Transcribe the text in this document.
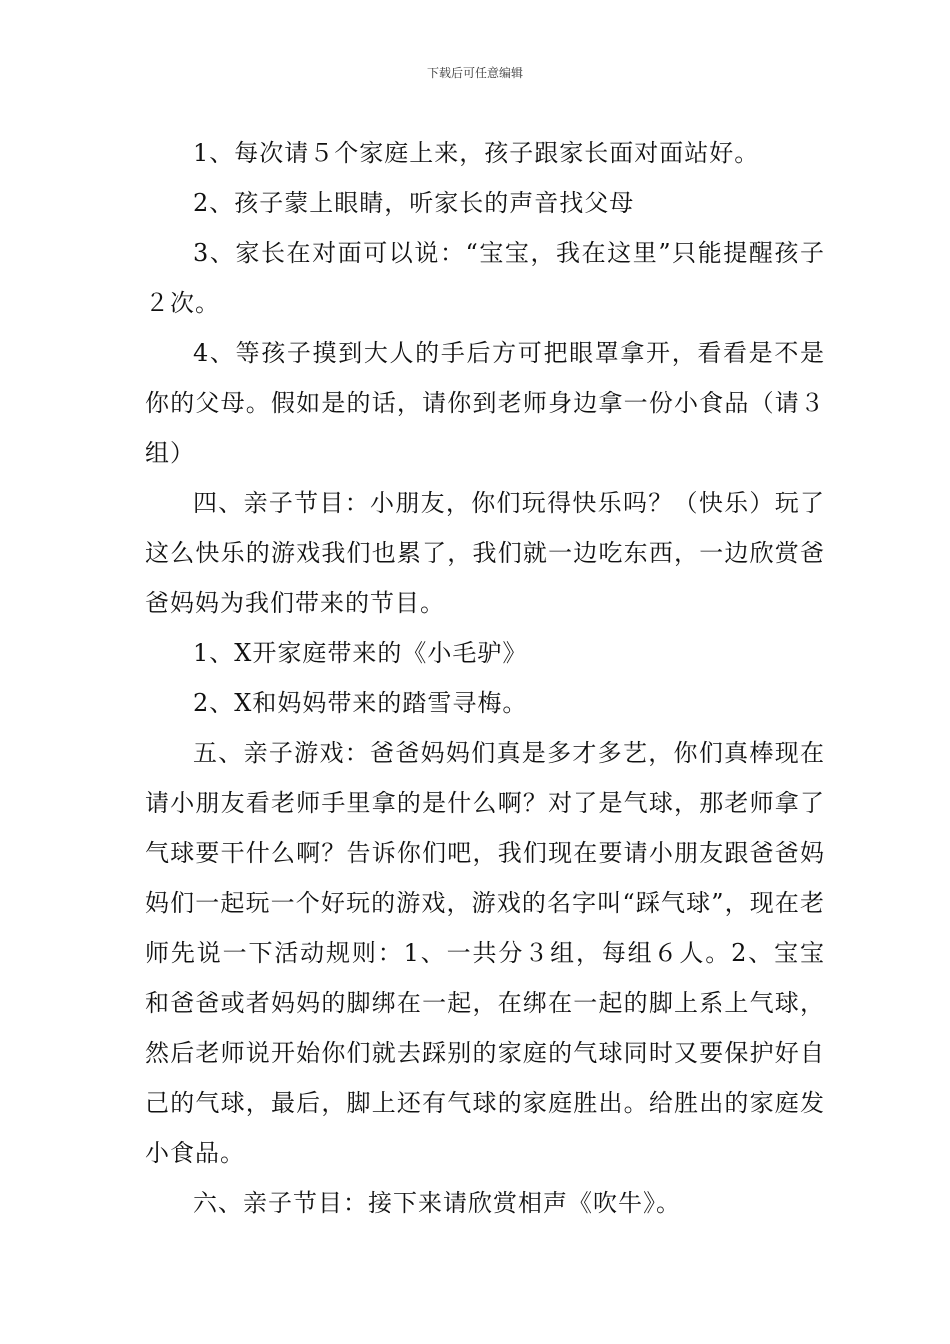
下载后可任意编辑

1、每次请５个家庭上来，孩子跟家长面对面站好。

2、孩子蒙上眼睛，听家长的声音找父母

3、家长在对面可以说：“宝宝，我在这里”只能提醒孩子２次。

4、等孩子摸到大人的手后方可把眼罩拿开，看看是不是你的父母。假如是的话，请你到老师身边拿一份小食品（请３组）

四、亲子节目：小朋友，你们玩得快乐吗？（快乐）玩了这么快乐的游戏我们也累了，我们就一边吃东西，一边欣赏爸爸妈妈为我们带来的节目。

1、X开家庭带来的《小毛驴》

2、X和妈妈带来的踏雪寻梅。

五、亲子游戏：爸爸妈妈们真是多才多艺，你们真棒现在请小朋友看老师手里拿的是什么啊？对了是气球，那老师拿了气球要干什么啊？告诉你们吧，我们现在要请小朋友跟爸爸妈妈们一起玩一个好玩的游戏，游戏的名字叫“踩气球”，现在老师先说一下活动规则：1、一共分３组，每组６人。2、宝宝和爸爸或者妈妈的脚绑在一起，在绑在一起的脚上系上气球，然后老师说开始你们就去踩别的家庭的气球同时又要保护好自己的气球，最后，脚上还有气球的家庭胜出。给胜出的家庭发小食品。

六、亲子节目：接下来请欣赏相声《吹牛》。
